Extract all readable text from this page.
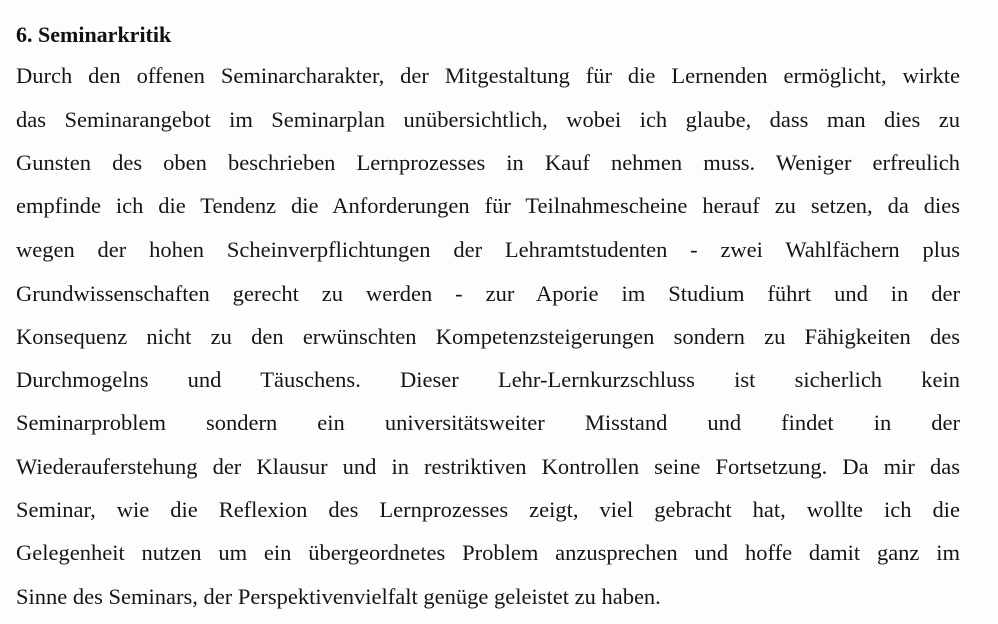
6. Seminarkritik
Durch den offenen Seminarcharakter, der Mitgestaltung für die Lernenden ermöglicht, wirkte
das Seminarangebot im Seminarplan unübersichtlich, wobei ich glaube, dass man dies zu
Gunsten des oben beschrieben Lernprozesses in Kauf nehmen muss. Weniger erfreulich
empfinde ich die Tendenz die Anforderungen für Teilnahmescheine herauf zu setzen, da dies
wegen der hohen Scheinverpflichtungen der Lehramtstudenten - zwei Wahlfächern plus
Grundwissenschaften gerecht zu werden - zur Aporie im Studium führt und in der
Konsequenz nicht zu den erwünschten Kompetenzsteigerungen sondern zu Fähigkeiten des
Durchmogelns und Täuschens. Dieser Lehr-Lernkurzschluss ist sicherlich kein
Seminarproblem sondern ein universitätsweiter Misstand und findet in der
Wiederauferstehung der Klausur und in restriktiven Kontrollen seine Fortsetzung. Da mir das
Seminar, wie die Reflexion des Lernprozesses zeigt, viel gebracht hat, wollte ich die
Gelegenheit nutzen um ein übergeordnetes Problem anzusprechen und hoffe damit ganz im
Sinne des Seminars, der Perspektivenvielfalt genüge geleistet zu haben.
